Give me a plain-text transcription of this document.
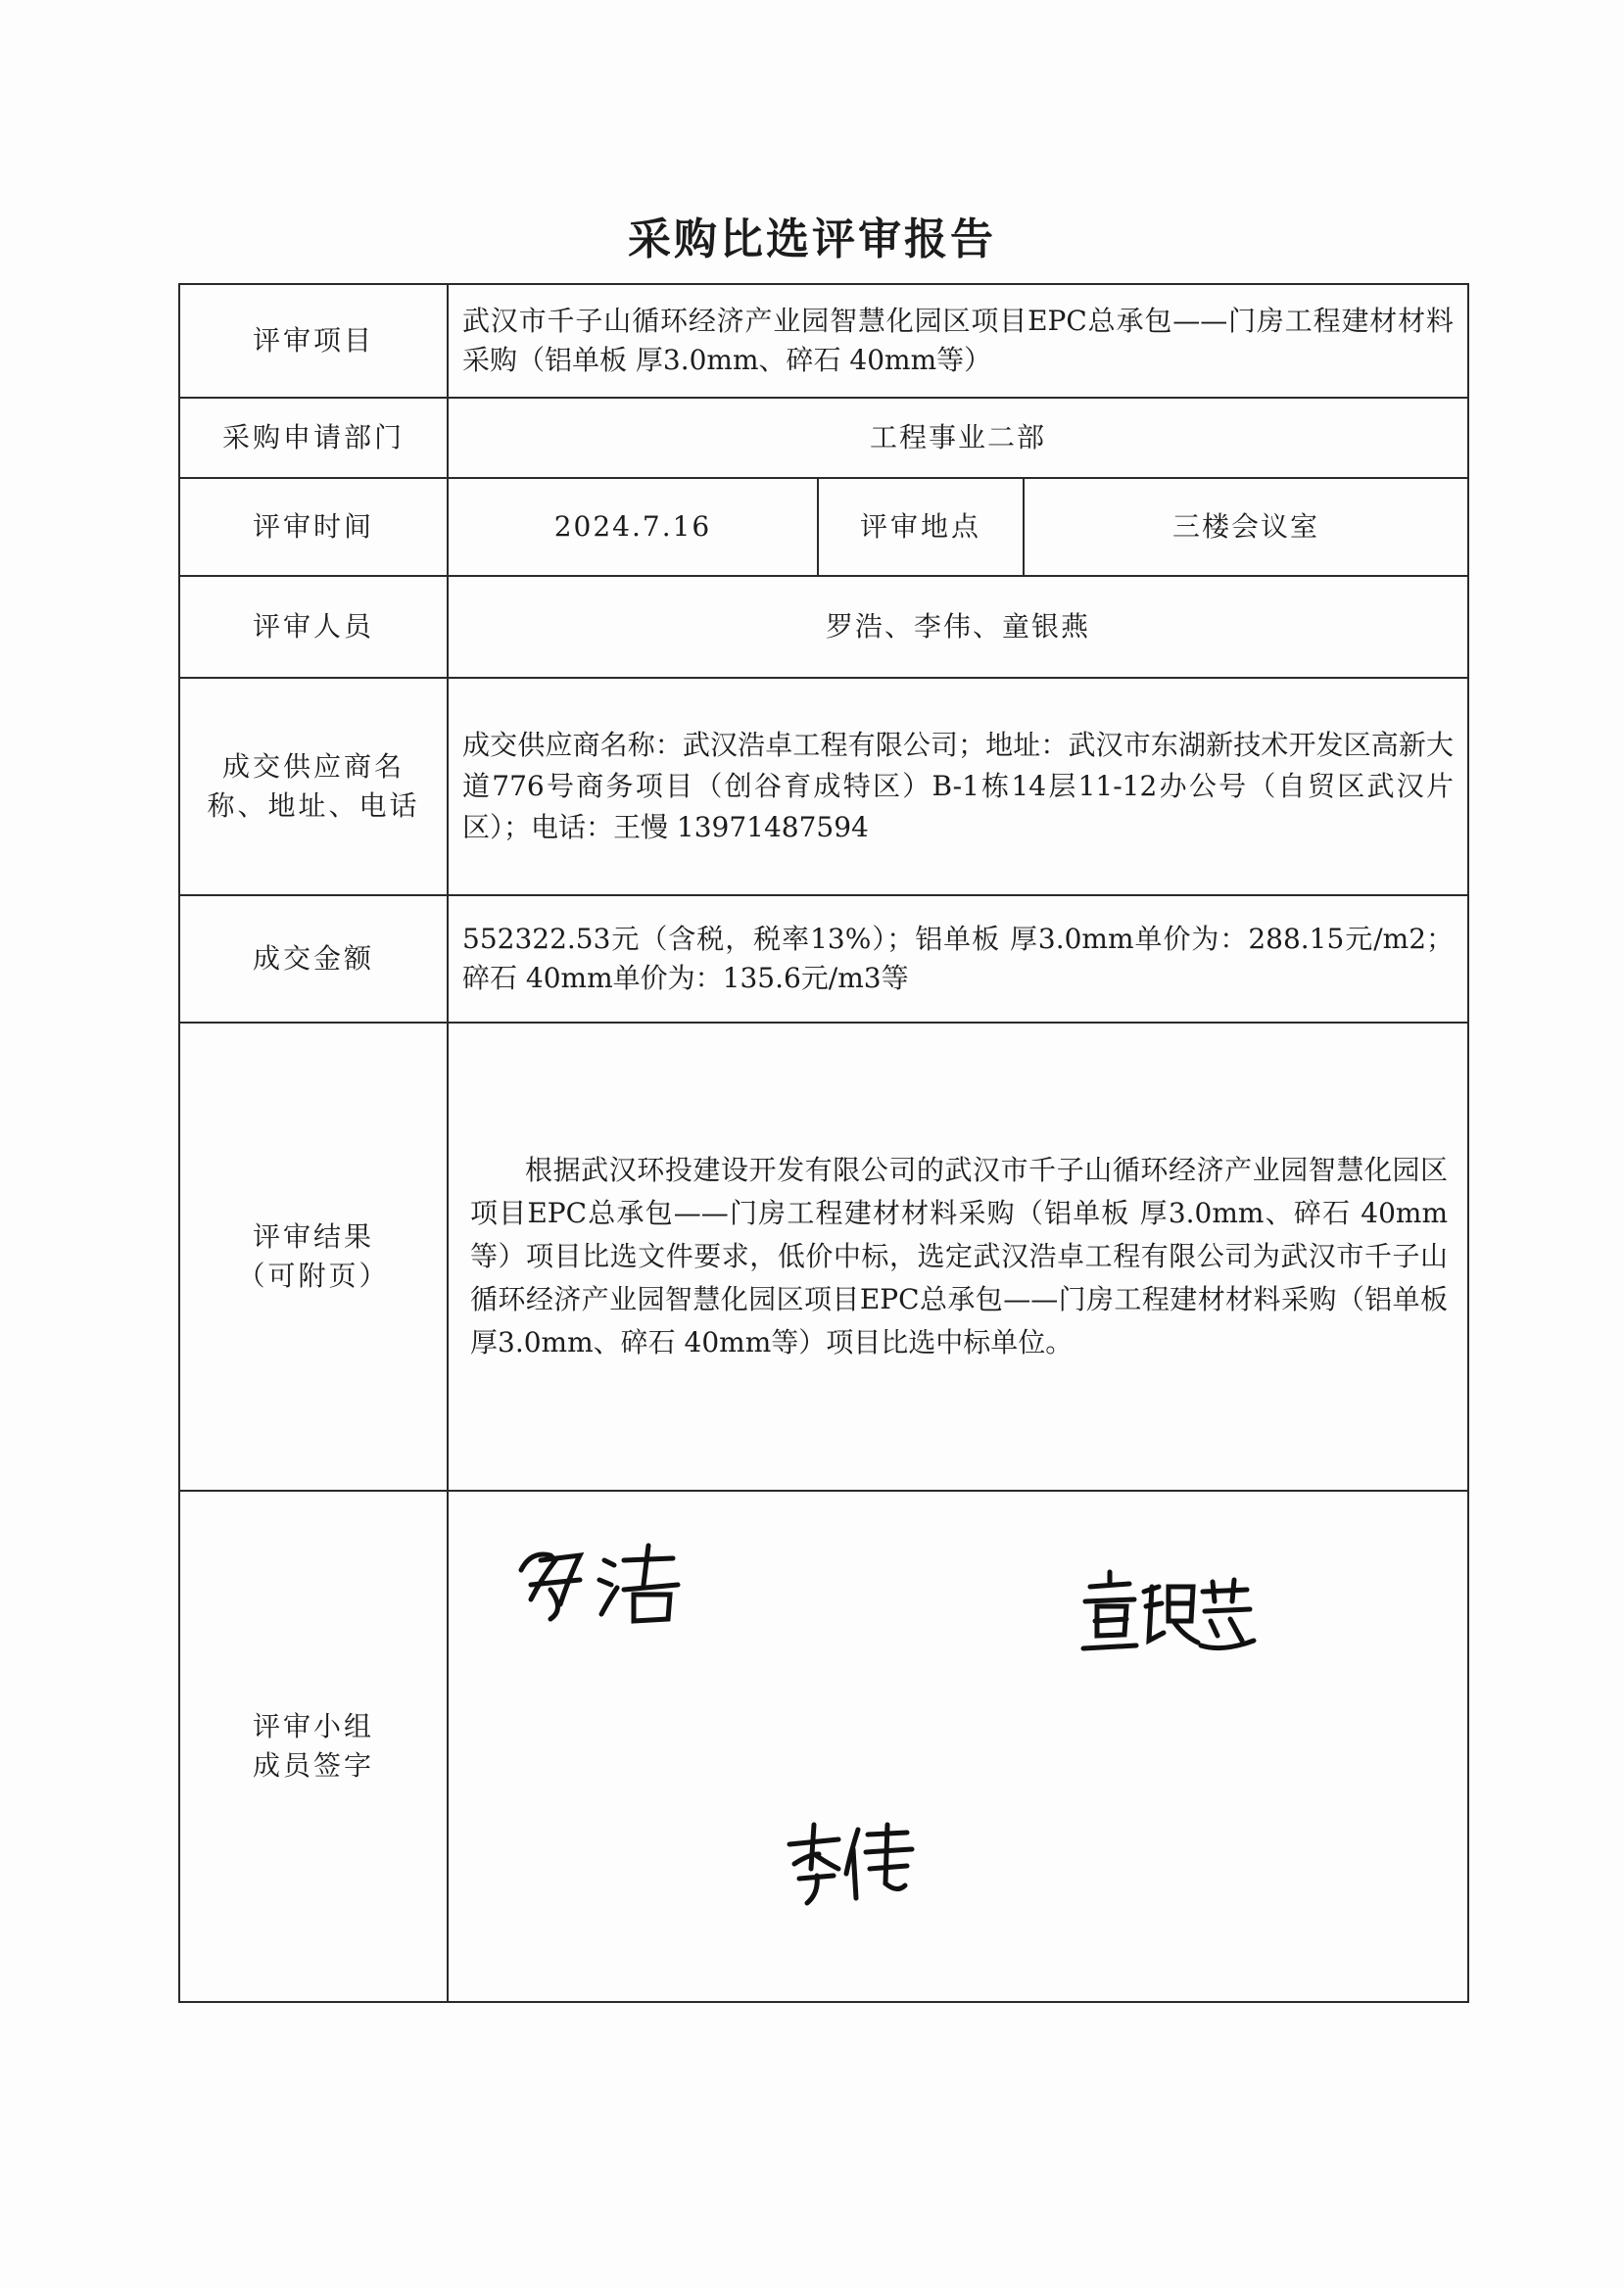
采购比选评审报告
评审项目	武汉市千子山循环经济产业园智慧化园区项目EPC总承包——门房工程建材材料采购（铝单板 厚3.0mm、碎石 40mm等）		
采购申请部门	工程事业二部		
评审时间	2024.7.16	评审地点	三楼会议室
评审人员	罗浩、李伟、童银燕		

成交供应商名
称、地址、电话	成交供应商名称：武汉浩卓工程有限公司；地址：武汉市东湖新技术开发区高新大道776号商务项目（创谷育成特区）B-1栋14层11-12办公号（自贸区武汉片区）；电话：王慢 13971487594		
成交金额	552322.53元（含税，税率13%）；铝单板 厚3.0mm单价为：288.15元/m2；碎石 40mm单价为：135.6元/m3等		

评审结果
（可附页）	根据武汉环投建设开发有限公司的武汉市千子山循环经济产业园智慧化园区项目EPC总承包——门房工程建材材料采购（铝单板 厚3.0mm、碎石 40mm等）项目比选文件要求，低价中标，选定武汉浩卓工程有限公司为武汉市千子山循环经济产业园智慧化园区项目EPC总承包——门房工程建材材料采购（铝单板 厚3.0mm、碎石 40mm等）项目比选中标单位。		

评审小组
成员签字
